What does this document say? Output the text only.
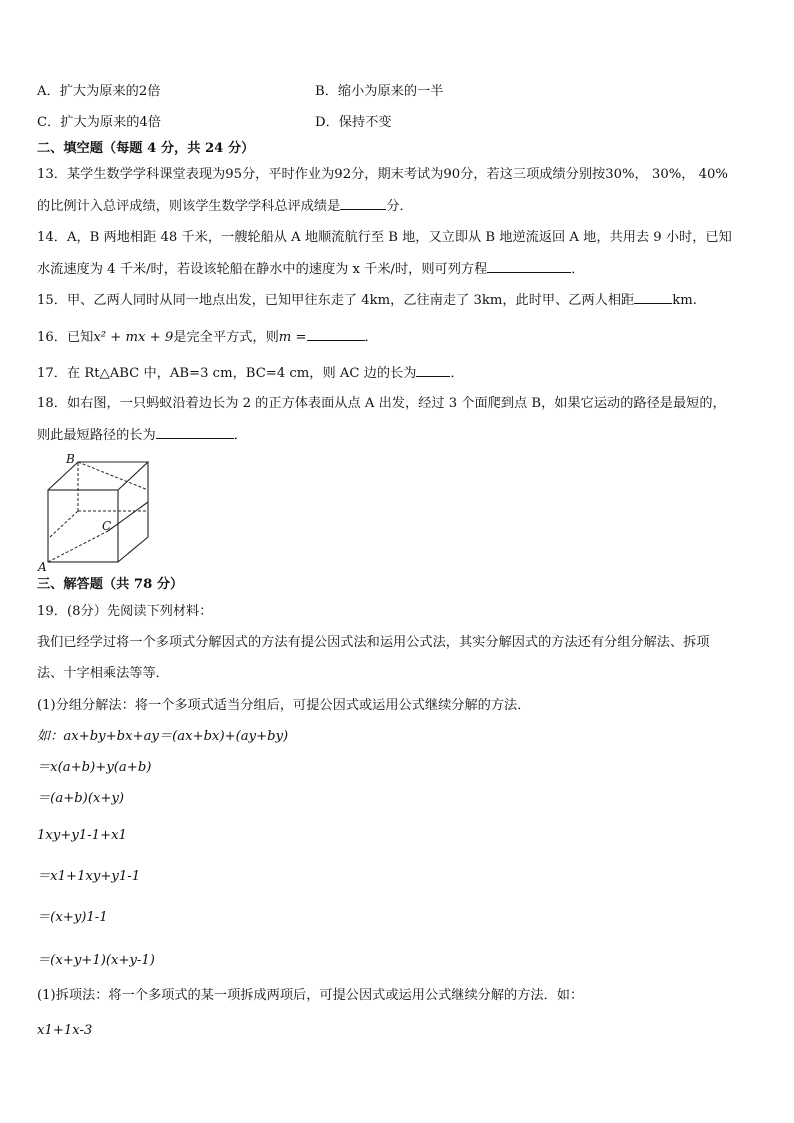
A．扩大为原来的2倍	B．缩小为原来的一半
C．扩大为原来的4倍	D．保持不变
二、填空题（每题 4 分，共 24 分）
13．某学生数学学科课堂表现为95分，平时作业为92分，期末考试为90分，若这三项成绩分别按30%， 30%， 40%
的比例计入总评成绩，则该学生数学学科总评成绩是	分．
14．A，B 两地相距 48 千米，一艘轮船从 A 地顺流航行至 B 地，又立即从 B 地逆流返回 A 地，共用去 9 小时，已知
水流速度为 4 千米/时，若设该轮船在静水中的速度为 x 千米/时，则可列方程	．
15．甲、乙两人同时从同一地点出发，已知甲往东走了 4km，乙往南走了 3km，此时甲、乙两人相距	km.
16．已知x² + mx + 9是完全平方式，则m =	．
17．在 Rt△ABC 中，AB=3 cm，BC=4 cm，则 AC 边的长为	．
18．如右图，一只蚂蚁沿着边长为 2 的正方体表面从点 A 出发，经过 3 个面爬到点 B，如果它运动的路径是最短的，
则此最短路径的长为	．
B
C
A
三、解答题（共 78 分）
19．(8分）先阅读下列材料：
我们已经学过将一个多项式分解因式的方法有提公因式法和运用公式法，其实分解因式的方法还有分组分解法、拆项
法、十字相乘法等等．
(1)分组分解法：将一个多项式适当分组后，可提公因式或运用公式继续分解的方法．
如：ax+by+bx+ay＝(ax+bx)+(ay+by)
＝x(a+b)+y(a+b)
＝(a+b)(x+y)
1xy+y1-1+x1
＝x1+1xy+y1-1
＝(x+y)1-1
＝(x+y+1)(x+y-1)
(1)拆项法：将一个多项式的某一项拆成两项后，可提公因式或运用公式继续分解的方法．如：
x1+1x-3
